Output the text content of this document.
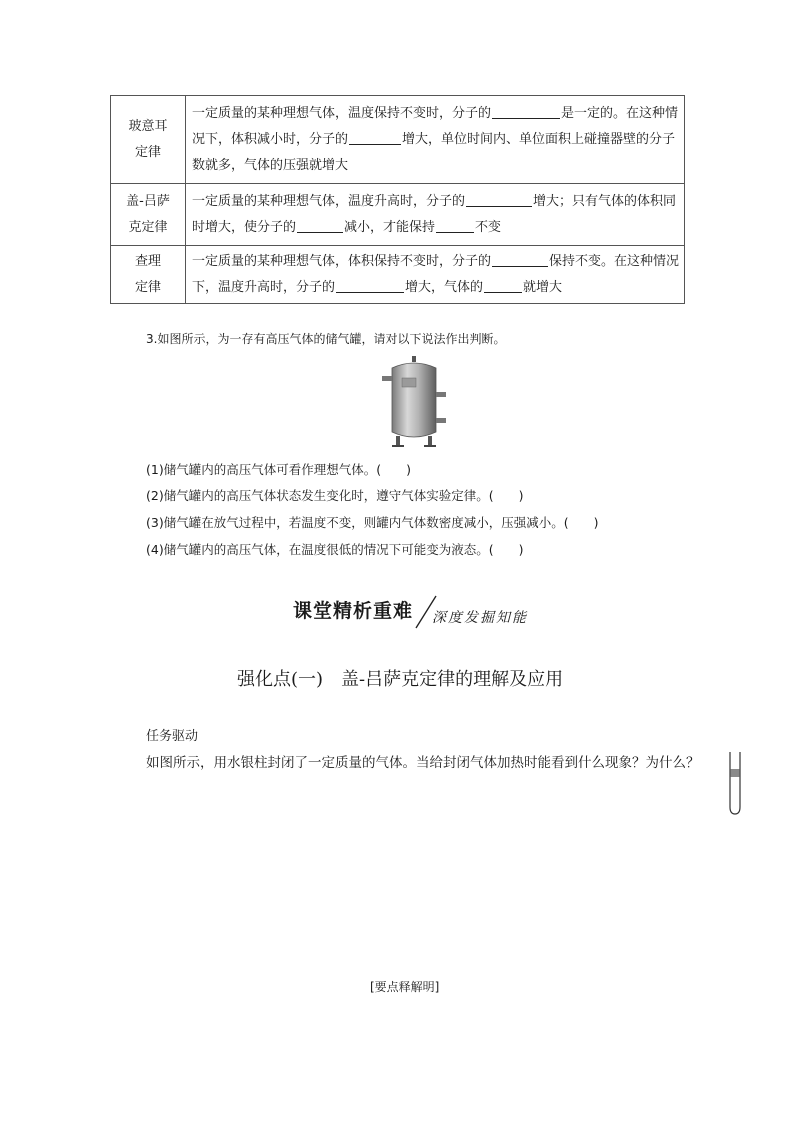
玻意耳
定律	一定质量的某种理想气体，温度保持不变时，分子的 是一定的。在这种情况下，体积减小时，分子的 增大，单位时间内、单位面积上碰撞器壁的分子数就多，气体的压强就增大
盖-吕萨
克定律	一定质量的某种理想气体，温度升高时，分子的 增大；只有气体的体积同时增大，使分子的 减小，才能保持 不变
查理
定律	一定质量的某种理想气体，体积保持不变时，分子的 保持不变。在这种情况下，温度升高时，分子的 增大，气体的 就增大
3.如图所示，为一存有高压气体的储气罐，请对以下说法作出判断。
(1)储气罐内的高压气体可看作理想气体。(　　)
(2)储气罐内的高压气体状态发生变化时，遵守气体实验定律。(　　)
(3)储气罐在放气过程中，若温度不变，则罐内气体数密度减小，压强减小。(　　)
(4)储气罐内的高压气体，在温度很低的情况下可能变为液态。(　　)
课堂精析重难 深度发掘知能
强化点(一)　盖-吕萨克定律的理解及应用
任务驱动
如图所示，用水银柱封闭了一定质量的气体。当给封闭气体加热时能看到什么现象？为什么？
[要点释解明]
